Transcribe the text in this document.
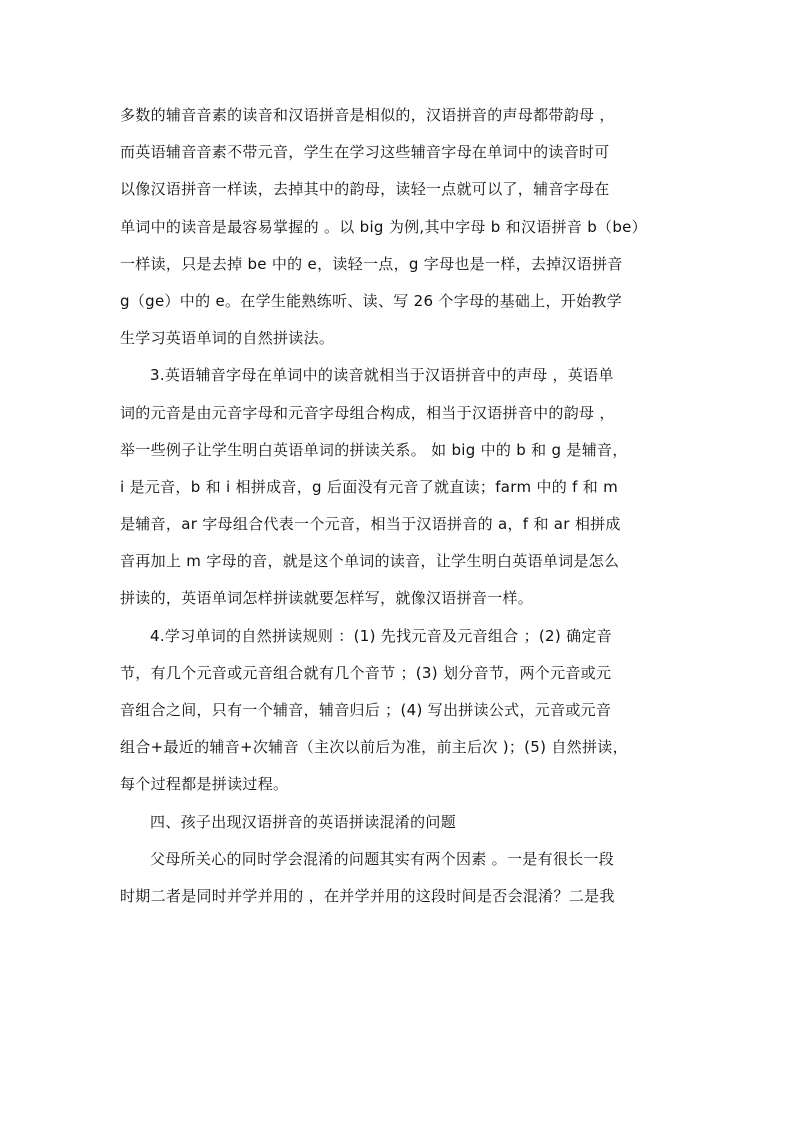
多数的辅音音素的读音和汉语拼音是相似的，汉语拼音的声母都带韵母 ，
而英语辅音音素不带元音，学生在学习这些辅音字母在单词中的读音时可
以像汉语拼音一样读，去掉其中的韵母，读轻一点就可以了，辅音字母在
单词中的读音是最容易掌握的 。以 big 为例,其中字母 b 和汉语拼音 b（be）
一样读，只是去掉 be 中的 e，读轻一点，g 字母也是一样，去掉汉语拼音
g（ge）中的 e。在学生能熟练听、读、写 26 个字母的基础上，开始教学
生学习英语单词的自然拼读法。
3.英语辅音字母在单词中的读音就相当于汉语拼音中的声母 ，英语单
词的元音是由元音字母和元音字母组合构成，相当于汉语拼音中的韵母 ，
举一些例子让学生明白英语单词的拼读关系。 如 big 中的 b 和 g 是辅音，
i 是元音，b 和 i 相拼成音，g 后面没有元音了就直读；farm 中的 f 和 m
是辅音，ar 字母组合代表一个元音，相当于汉语拼音的 a，f 和 ar 相拼成
音再加上 m 字母的音，就是这个单词的读音，让学生明白英语单词是怎么
拼读的，英语单词怎样拼读就要怎样写，就像汉语拼音一样。
4.学习单词的自然拼读规则 ：(1) 先找元音及元音组合 ；(2) 确定音
节，有几个元音或元音组合就有几个音节 ；(3) 划分音节，两个元音或元
音组合之间，只有一个辅音，辅音归后 ；(4) 写出拼读公式，元音或元音
组合+最近的辅音+次辅音（主次以前后为准，前主后次 )；(5) 自然拼读，
每个过程都是拼读过程。
四、孩子出现汉语拼音的英语拼读混淆的问题
父母所关心的同时学会混淆的问题其实有两个因素 。一是有很长一段
时期二者是同时并学并用的 ，在并学并用的这段时间是否会混淆？二是我
